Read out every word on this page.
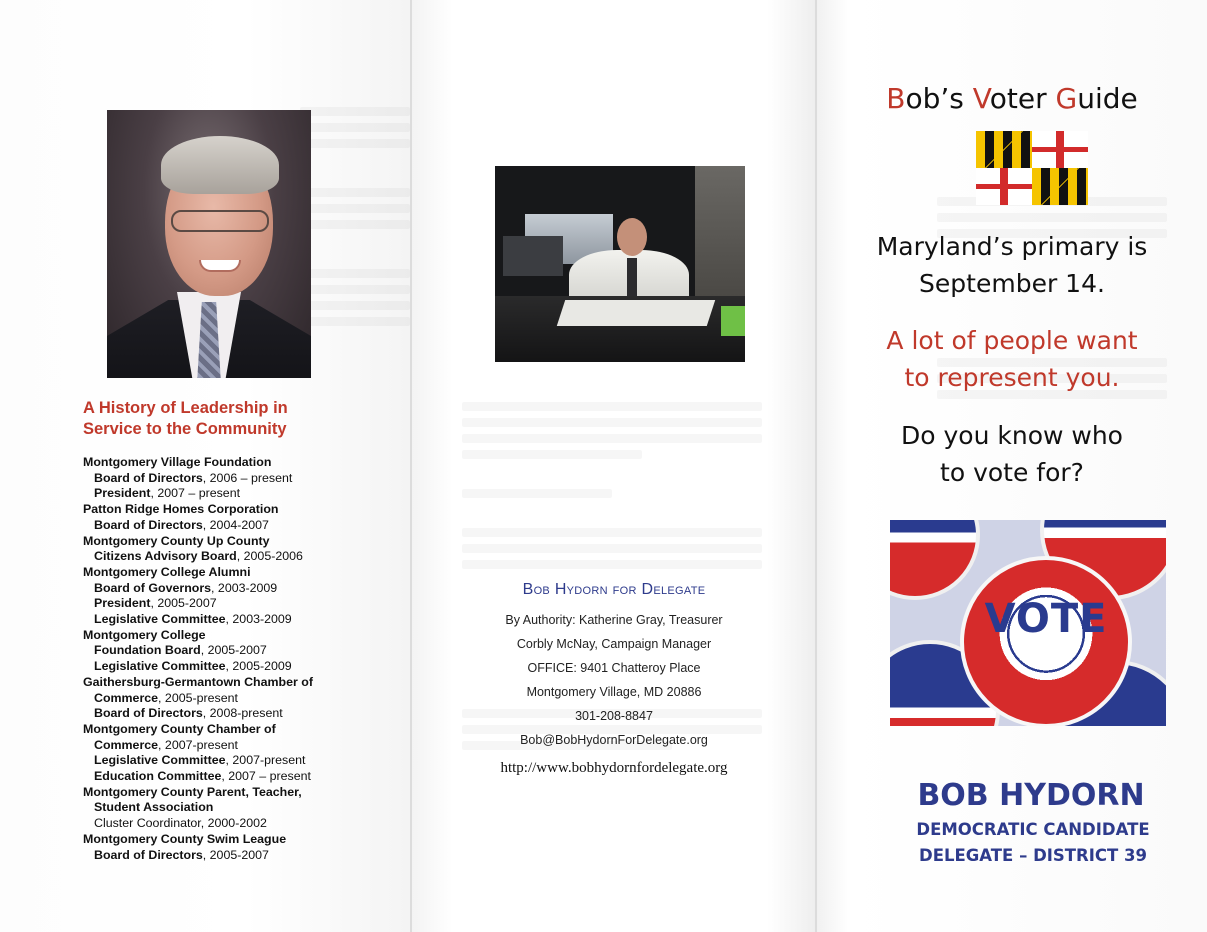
A History of Leadership in Service to the Community
Montgomery Village Foundation
Board of Directors, 2006 – present
President, 2007 – present
Patton Ridge Homes Corporation
Board of Directors, 2004-2007
Montgomery County Up County
Citizens Advisory Board, 2005-2006
Montgomery College Alumni
Board of Governors, 2003-2009
President, 2005-2007
Legislative Committee, 2003-2009
Montgomery College
Foundation Board, 2005-2007
Legislative Committee, 2005-2009
Gaithersburg-Germantown Chamber of
Commerce, 2005-present
Board of Directors, 2008-present
Montgomery County Chamber of
Commerce, 2007-present
Legislative Committee, 2007-present
Education Committee, 2007 – present
Montgomery County Parent, Teacher,
Student Association
Cluster Coordinator, 2000-2002
Montgomery County Swim League
Board of Directors, 2005-2007
Bob Hydorn for Delegate
By Authority: Katherine Gray, Treasurer
Corbly McNay, Campaign Manager
OFFICE: 9401 Chatteroy Place
Montgomery Village, MD 20886
301-208-8847
Bob@BobHydornForDelegate.org
http://www.bobhydornfordelegate.org
Bob’s Voter Guide
Maryland’s primary is
September 14.
A lot of people want
to represent you.
Do you know who
to vote for?
VOTE
BOB HYDORN
DEMOCRATIC CANDIDATE
DELEGATE – DISTRICT 39
